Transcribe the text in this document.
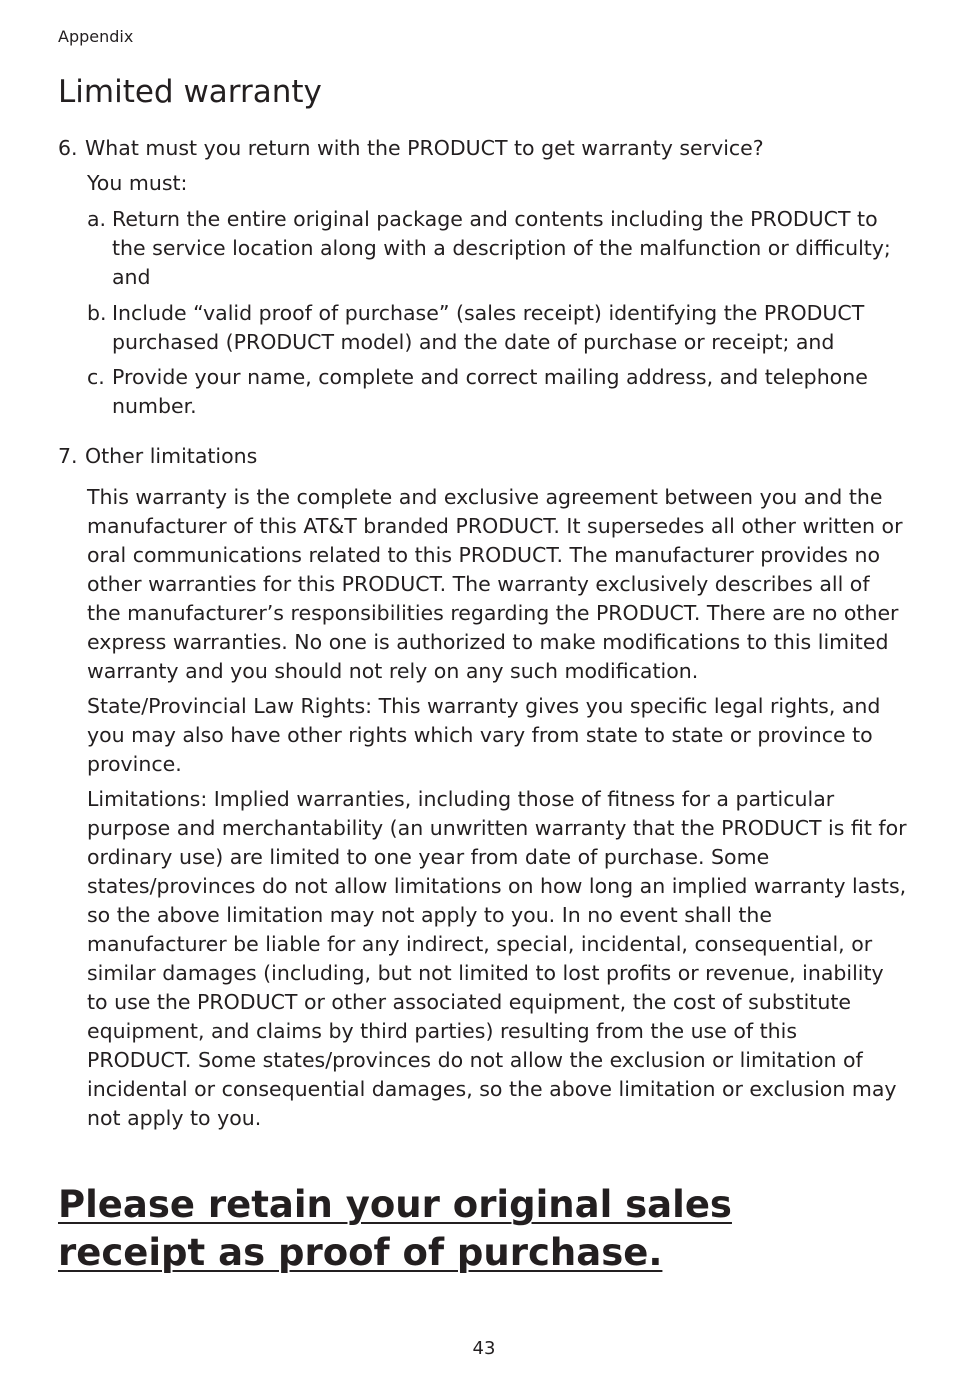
Appendix
Limited warranty
6. What must you return with the PRODUCT to get warranty service?
You must:
a. Return the entire original package and contents including the PRODUCT to the service location along with a description of the malfunction or difficulty; and
b. Include “valid proof of purchase” (sales receipt) identifying the PRODUCT purchased (PRODUCT model) and the date of purchase or receipt; and
c. Provide your name, complete and correct mailing address, and telephone number.
7. Other limitations

This warranty is the complete and exclusive agreement between you and the manufacturer of this AT&T branded PRODUCT. It supersedes all other written or oral communications related to this PRODUCT. The manufacturer provides no other warranties for this PRODUCT. The warranty exclusively describes all of the manufacturer’s responsibilities regarding the PRODUCT. There are no other express warranties. No one is authorized to make modifications to this limited warranty and you should not rely on any such modification.

State/Provincial Law Rights: This warranty gives you specific legal rights, and you may also have other rights which vary from state to state or province to province.

Limitations: Implied warranties, including those of fitness for a particular purpose and merchantability (an unwritten warranty that the PRODUCT is fit for ordinary use) are limited to one year from date of purchase. Some states/provinces do not allow limitations on how long an implied warranty lasts, so the above limitation may not apply to you. In no event shall the manufacturer be liable for any indirect, special, incidental, consequential, or similar damages (including, but not limited to lost profits or revenue, inability to use the PRODUCT or other associated equipment, the cost of substitute equipment, and claims by third parties) resulting from the use of this PRODUCT. Some states/provinces do not allow the exclusion or limitation of incidental or consequential damages, so the above limitation or exclusion may not apply to you.

Please retain your original sales receipt as proof of purchase.

43
